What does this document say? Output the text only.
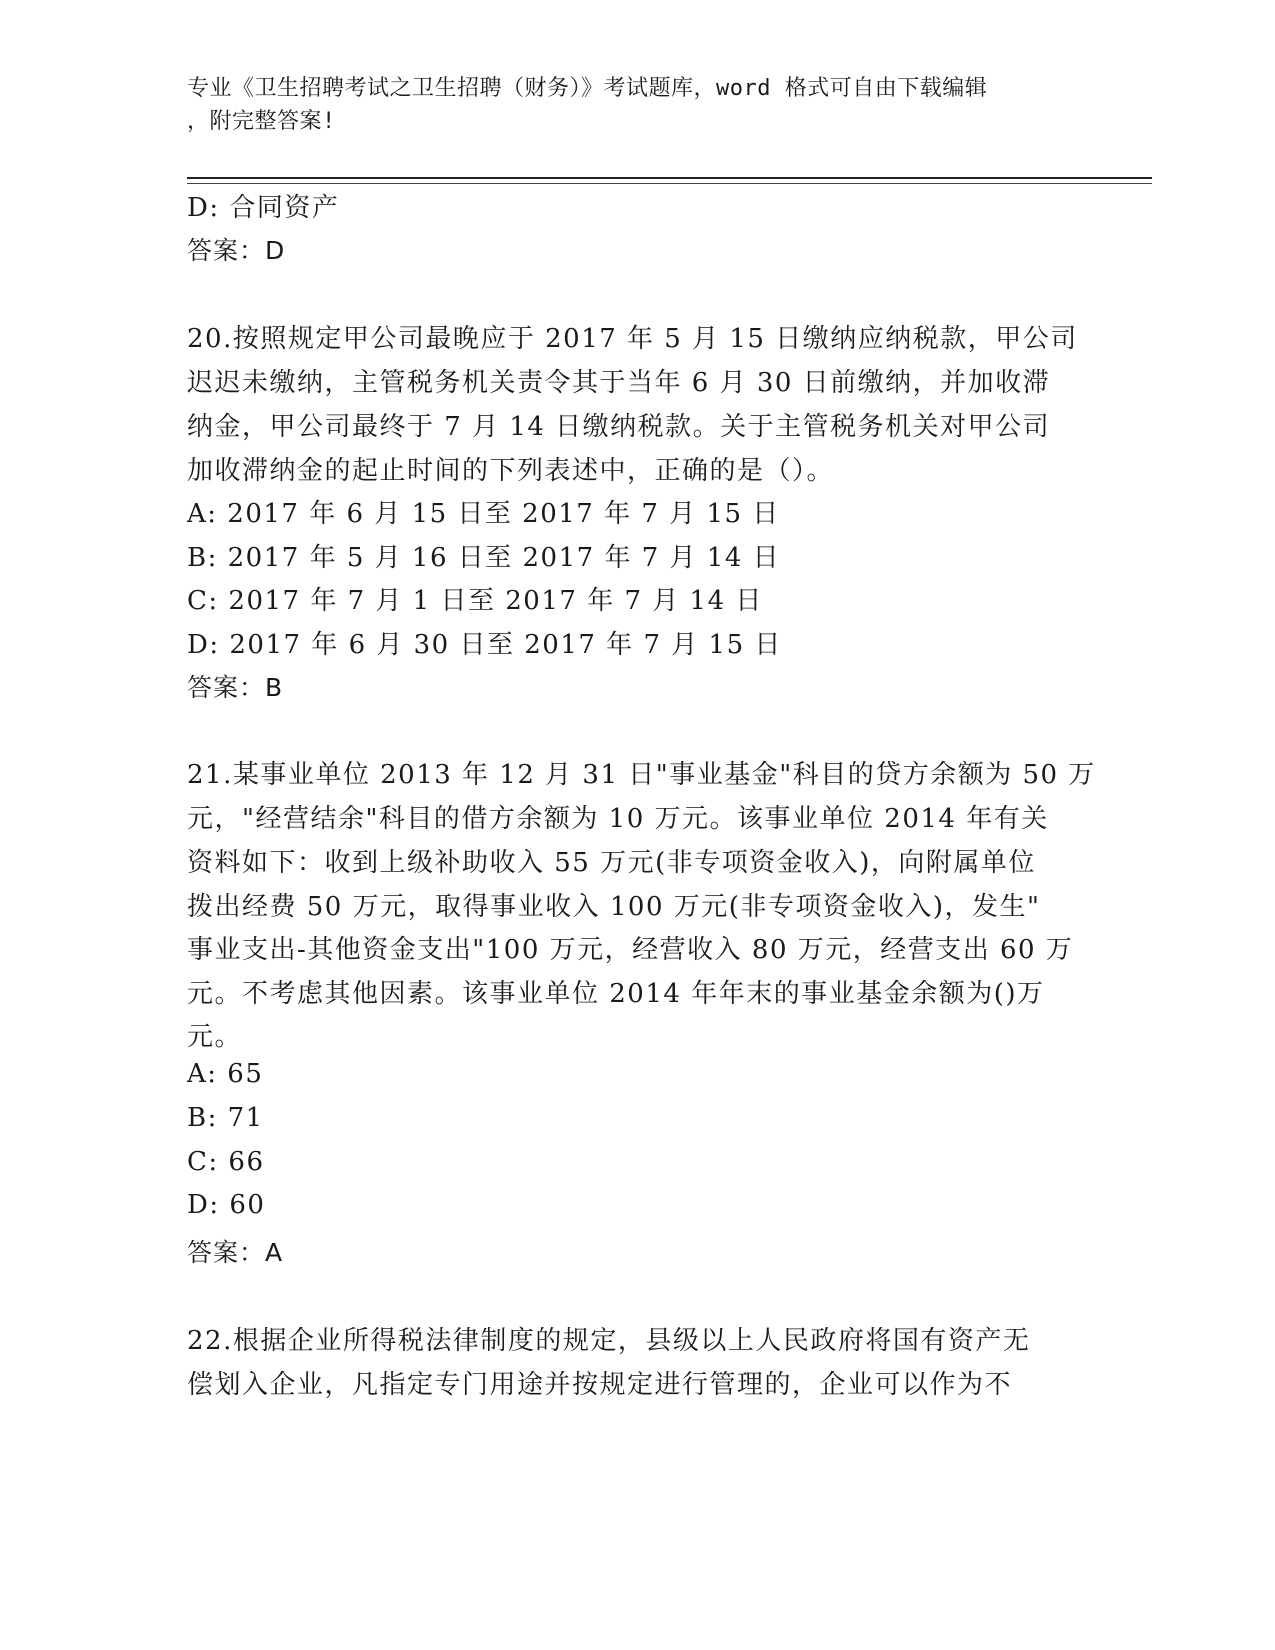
专业《卫生招聘考试之卫生招聘（财务）》考试题库，word 格式可自由下载编辑
，附完整答案!
D: 合同资产
答案：D
20.按照规定甲公司最晚应于 2017 年 5 月 15 日缴纳应纳税款，甲公司
迟迟未缴纳，主管税务机关责令其于当年 6 月 30 日前缴纳，并加收滞
纳金，甲公司最终于 7 月 14 日缴纳税款。关于主管税务机关对甲公司
加收滞纳金的起止时间的下列表述中，正确的是（）。
A: 2017 年 6 月 15 日至 2017 年 7 月 15 日
B: 2017 年 5 月 16 日至 2017 年 7 月 14 日
C: 2017 年 7 月 1 日至 2017 年 7 月 14 日
D: 2017 年 6 月 30 日至 2017 年 7 月 15 日
答案：B
21.某事业单位 2013 年 12 月 31 日"事业基金"科目的贷方余额为 50 万
元，"经营结余"科目的借方余额为 10 万元。该事业单位 2014 年有关
资料如下：收到上级补助收入 55 万元(非专项资金收入)，向附属单位
拨出经费 50 万元，取得事业收入 100 万元(非专项资金收入)，发生"
事业支出-其他资金支出"100 万元，经营收入 80 万元，经营支出 60 万
元。不考虑其他因素。该事业单位 2014 年年末的事业基金余额为()万
元。
A: 65
B: 71
C: 66
D: 60
答案：A
22.根据企业所得税法律制度的规定，县级以上人民政府将国有资产无
偿划入企业，凡指定专门用途并按规定进行管理的，企业可以作为不
